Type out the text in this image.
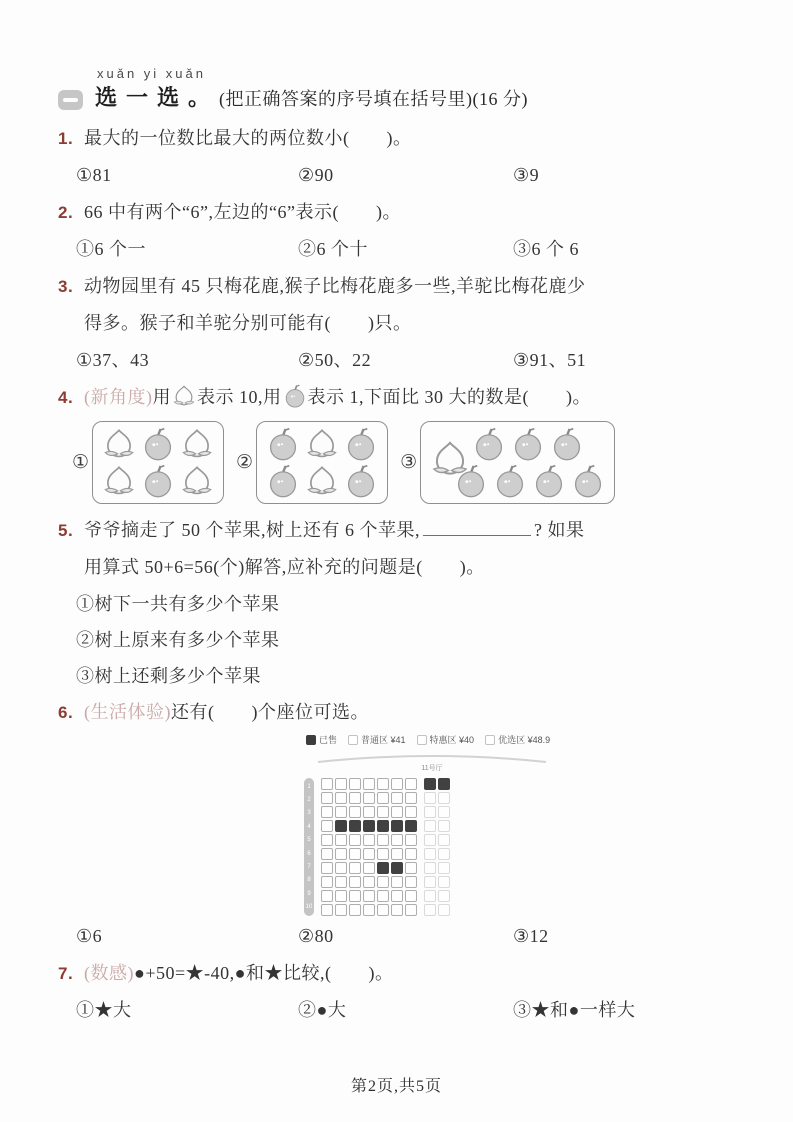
xuǎn yi xuǎn
选一选。(把正确答案的序号填在括号里)(16 分)
1. 最大的一位数比最大的两位数小(　　)。
①81	②90	③9
2. 66 中有两个“6”,左边的“6”表示(　　)。
①6 个一	②6 个十	③6 个 6
3. 动物园里有 45 只梅花鹿,猴子比梅花鹿多一些,羊驼比梅花鹿少
得多。猴子和羊驼分别可能有(　　)只。
①37、43	②50、22	③91、51
4. (新角度)用 表示 10,用 表示 1,下面比 30 大的数是(　　)。
①	②	③
5. 爷爷摘走了 50 个苹果,树上还有 6 个苹果,	? 如果
用算式 50+6=56(个)解答,应补充的问题是(　　)。
①树下一共有多少个苹果
②树上原来有多少个苹果
③树上还剩多少个苹果
6. (生活体验)还有(　　)个座位可选。
已售	普通区 ¥41	特惠区 ¥40	优选区 ¥48.9
11号厅
1
2
3
4
5
6
7
8
9
10
①6	②80	③12
7. (数感)●+50=★-40,●和★比较,(　　)。
①★大	②●大	③★和●一样大
第2页,共5页
